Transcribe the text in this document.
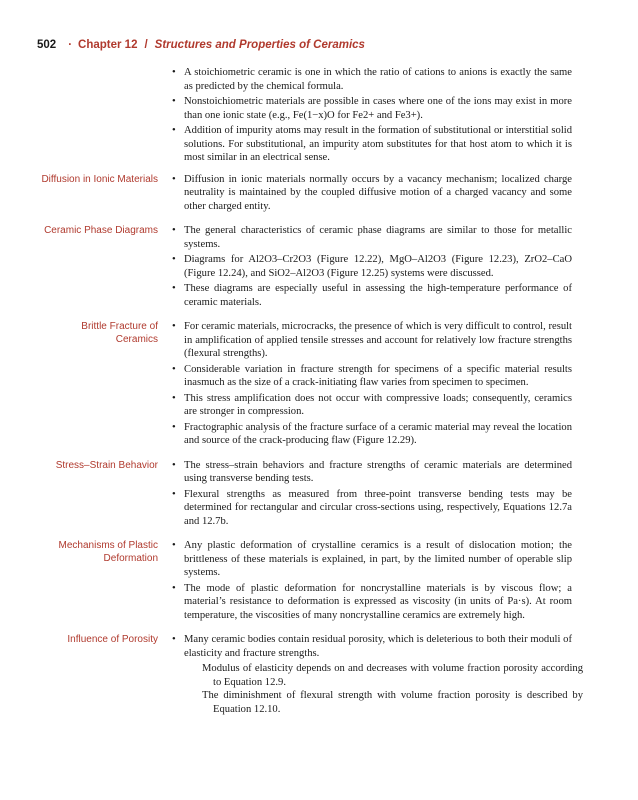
502 · Chapter 12 / Structures and Properties of Ceramics
• A stoichiometric ceramic is one in which the ratio of cations to anions is exactly the same as predicted by the chemical formula.
• Nonstoichiometric materials are possible in cases where one of the ions may exist in more than one ionic state (e.g., Fe(1−x)O for Fe2+ and Fe3+).
• Addition of impurity atoms may result in the formation of substitutional or interstitial solid solutions. For substitutional, an impurity atom substitutes for that host atom to which it is most similar in an electrical sense.
Diffusion in Ionic Materials • Diffusion in ionic materials normally occurs by a vacancy mechanism; localized charge neutrality is maintained by the coupled diffusive motion of a charged vacancy and some other charged entity.
Ceramic Phase Diagrams • The general characteristics of ceramic phase diagrams are similar to those for metallic systems.
• Diagrams for Al2O3–Cr2O3 (Figure 12.22), MgO–Al2O3 (Figure 12.23), ZrO2–CaO (Figure 12.24), and SiO2–Al2O3 (Figure 12.25) systems were discussed.
• These diagrams are especially useful in assessing the high-temperature performance of ceramic materials.
Brittle Fracture of Ceramics
• For ceramic materials, microcracks, the presence of which is very difficult to control, result in amplification of applied tensile stresses and account for relatively low fracture strengths (flexural strengths).
• Considerable variation in fracture strength for specimens of a specific material results inasmuch as the size of a crack-initiating flaw varies from specimen to specimen.
• This stress amplification does not occur with compressive loads; consequently, ceramics are stronger in compression.
• Fractographic analysis of the fracture surface of a ceramic material may reveal the location and source of the crack-producing flaw (Figure 12.29).
Stress–Strain Behavior • The stress–strain behaviors and fracture strengths of ceramic materials are determined using transverse bending tests.
• Flexural strengths as measured from three-point transverse bending tests may be determined for rectangular and circular cross-sections using, respectively, Equations 12.7a and 12.7b.
Mechanisms of Plastic Deformation
• Any plastic deformation of crystalline ceramics is a result of dislocation motion; the brittleness of these materials is explained, in part, by the limited number of operable slip systems.
• The mode of plastic deformation for noncrystalline materials is by viscous flow; a material’s resistance to deformation is expressed as viscosity (in units of Pa·s). At room temperature, the viscosities of many noncrystalline ceramics are extremely high.
Influence of Porosity • Many ceramic bodies contain residual porosity, which is deleterious to both their moduli of elasticity and fracture strengths.
Modulus of elasticity depends on and decreases with volume fraction porosity according to Equation 12.9.
The diminishment of flexural strength with volume fraction porosity is described by Equation 12.10.
